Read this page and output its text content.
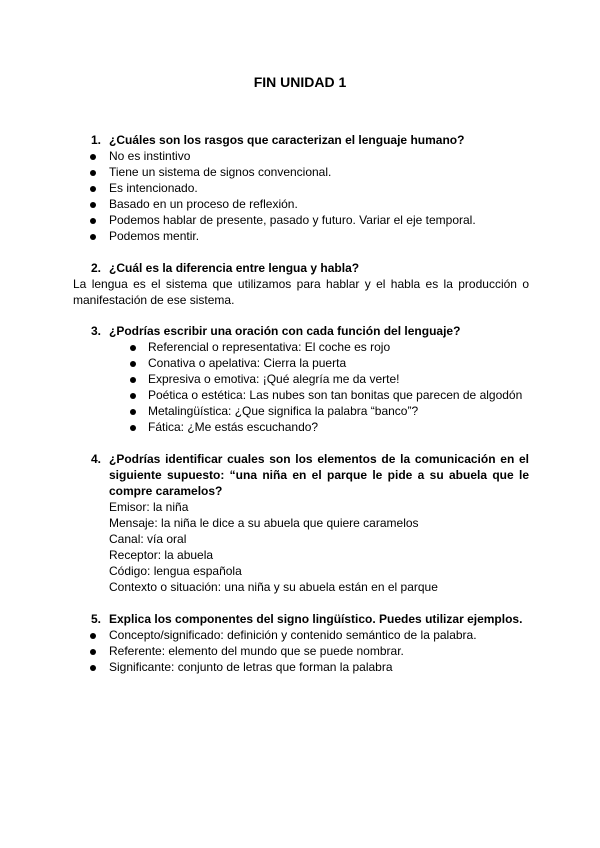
FIN UNIDAD 1
1. ¿Cuáles son los rasgos que caracterizan el lenguaje humano?
No es instintivo
Tiene un sistema de signos convencional.
Es intencionado.
Basado en un proceso de reflexión.
Podemos hablar de presente, pasado y futuro. Variar el eje temporal.
Podemos mentir.
2. ¿Cuál es la diferencia entre lengua y habla?

La lengua es el sistema que utilizamos para hablar y el habla es la producción o manifestación de ese sistema.

3. ¿Podrías escribir una oración con cada función del lenguaje?
Referencial o representativa: El coche es rojo
Conativa o apelativa: Cierra la puerta
Expresiva o emotiva: ¡Qué alegría me da verte!
Poética o estética: Las nubes son tan bonitas que parecen de algodón
Metalingüística: ¿Que significa la palabra “banco”?
Fática: ¿Me estás escuchando?
4. ¿Podrías identificar cuales son los elementos de la comunicación en el siguiente supuesto: “una niña en el parque le pide a su abuela que le compre caramelos?

Emisor: la niña

Mensaje: la niña le dice a su abuela que quiere caramelos

Canal: vía oral

Receptor: la abuela

Código: lengua española

Contexto o situación: una niña y su abuela están en el parque

5. Explica los componentes del signo lingüístico. Puedes utilizar ejemplos.
Concepto/significado: definición y contenido semántico de la palabra.
Referente: elemento del mundo que se puede nombrar.
Significante: conjunto de letras que forman la palabra
